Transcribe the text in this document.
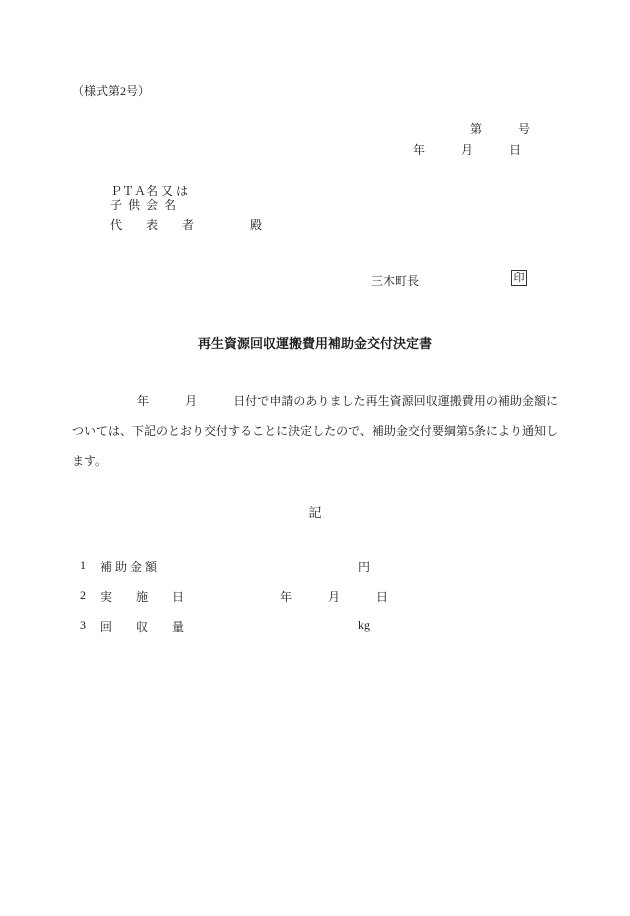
（様式第2号）
第　　　号
年　　　月　　　日
ＰＴＡ名 又 は
子  供  会  名
代　　表　　者	殿
三木町長	印
再生資源回収運搬費用補助金交付決定書
年　　　月　　　日付で申請のありました再生資源回収運搬費用の補助金額については、下記のとおり交付することに決定したので、補助金交付要綱第5条により通知します。
記
1 補 助 金 額	円
2 実　　施　　日	年　　　月　　　日
3 回　　収　　量	kg
